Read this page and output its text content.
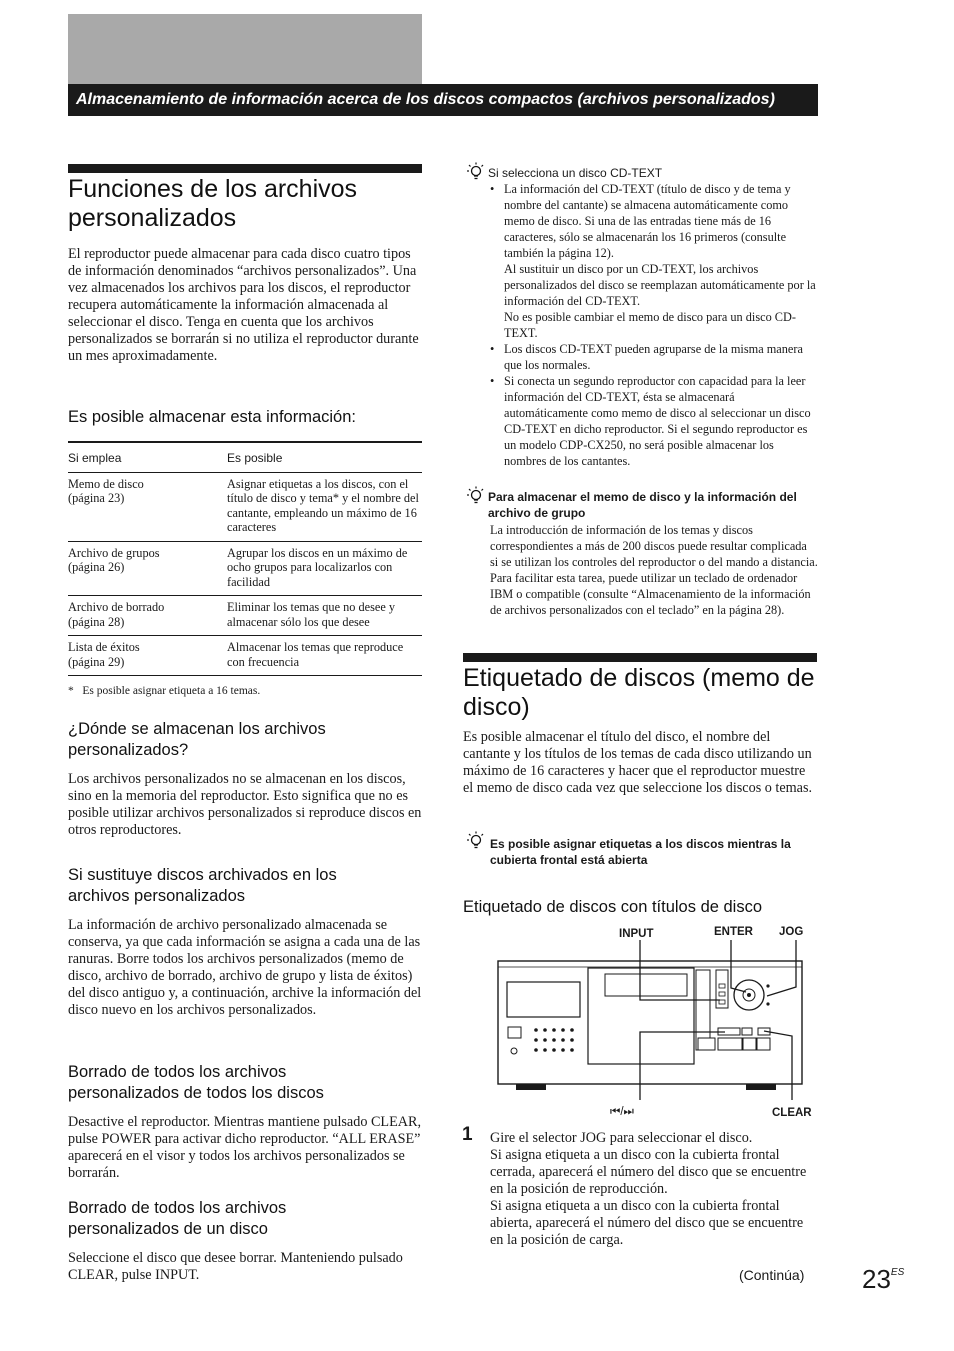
Almacenamiento de información acerca de los discos compactos (archivos personalizados)
Funciones de los archivos personalizados
El reproductor puede almacenar para cada disco cuatro tipos de información denominados “archivos personalizados”. Una vez almacenados los archivos para los discos, el reproductor recupera automáticamente la información almacenada al seleccionar el disco. Tenga en cuenta que los archivos personalizados se borrarán si no utiliza el reproductor durante un mes aproximadamente.
Es posible almacenar esta información:
Si emplea	Es posible

Memo de disco
(página 23)	Asignar etiquetas a los discos, con el título de disco y tema* y el nombre del cantante, empleando un máximo de 16 caracteres

Archivo de grupos
(página 26)	Agrupar los discos en un máximo de ocho grupos para localizarlos con facilidad

Archivo de borrado
(página 28)	Eliminar los temas que no desee y almacenar sólo los que desee

Lista de éxitos
(página 29)	Almacenar los temas que reproduce con frecuencia
* Es posible asignar etiqueta a 16 temas.
¿Dónde se almacenan los archivos personalizados?
Los archivos personalizados no se almacenan en los discos, sino en la memoria del reproductor. Esto significa que no es posible utilizar archivos personalizados si reproduce discos en otros reproductores.
Si sustituye discos archivados en los archivos personalizados
La información de archivo personalizado almacenada se conserva, ya que cada información se asigna a cada una de las ranuras. Borre todos los archivos personalizados (memo de disco, archivo de borrado, archivo de grupo y lista de éxitos) del disco antiguo y, a continuación, archive la información del disco nuevo en los archivos personalizados.
Borrado de todos los archivos personalizados de todos los discos
Desactive el reproductor. Mientras mantiene pulsado CLEAR, pulse POWER para activar dicho reproductor. “ALL ERASE” aparecerá en el visor y todos los archivos personalizados se borrarán.
Borrado de todos los archivos personalizados de un disco
Seleccione el disco que desee borrar. Manteniendo pulsado CLEAR, pulse INPUT.
Si selecciona un disco CD-TEXT
• La información del CD-TEXT (título de disco y de tema y nombre del cantante) se almacena automáticamente como memo de disco. Si una de las entradas tiene más de 16 caracteres, sólo se almacenarán los 16 primeros (consulte también la página 12).
Al sustituir un disco por un CD-TEXT, los archivos personalizados del disco se reemplazan automáticamente por la información del CD-TEXT.
No es posible cambiar el memo de disco para un disco CD-TEXT.
• Los discos CD-TEXT pueden agruparse de la misma manera que los normales.
• Si conecta un segundo reproductor con capacidad para la leer información del CD-TEXT, ésta se almacenará automáticamente como memo de disco al seleccionar un disco CD-TEXT en dicho reproductor. Si el segundo reproductor es un modelo CDP-CX250, no será posible almacenar los nombres de los cantantes.
Para almacenar el memo de disco y la información del archivo de grupo
La introducción de información de los temas y discos correspondientes a más de 200 discos puede resultar complicada si se utilizan los controles del reproductor o del mando a distancia. Para facilitar esta tarea, puede utilizar un teclado de ordenador IBM o compatible (consulte “Almacenamiento de la información de archivos personalizados con el teclado” en la página 28).
Etiquetado de discos (memo de disco)
Es posible almacenar el título del disco, el nombre del cantante y los títulos de los temas de cada disco utilizando un máximo de 16 caracteres y hacer que el reproductor muestre el memo de disco cada vez que seleccione los discos o temas.
Es posible asignar etiquetas a los discos mientras la cubierta frontal está abierta
Etiquetado de discos con títulos de disco
INPUT	ENTER JOG
⏮/⏭	CLEAR
1 Gire el selector JOG para seleccionar el disco.
Si asigna etiqueta a un disco con la cubierta frontal cerrada, aparecerá el número del disco que se encuentre en la posición de reproducción.
Si asigna etiqueta a un disco con la cubierta frontal abierta, aparecerá el número del disco que se encuentre en la posición de carga.
(Continúa) $23^{ES}$
